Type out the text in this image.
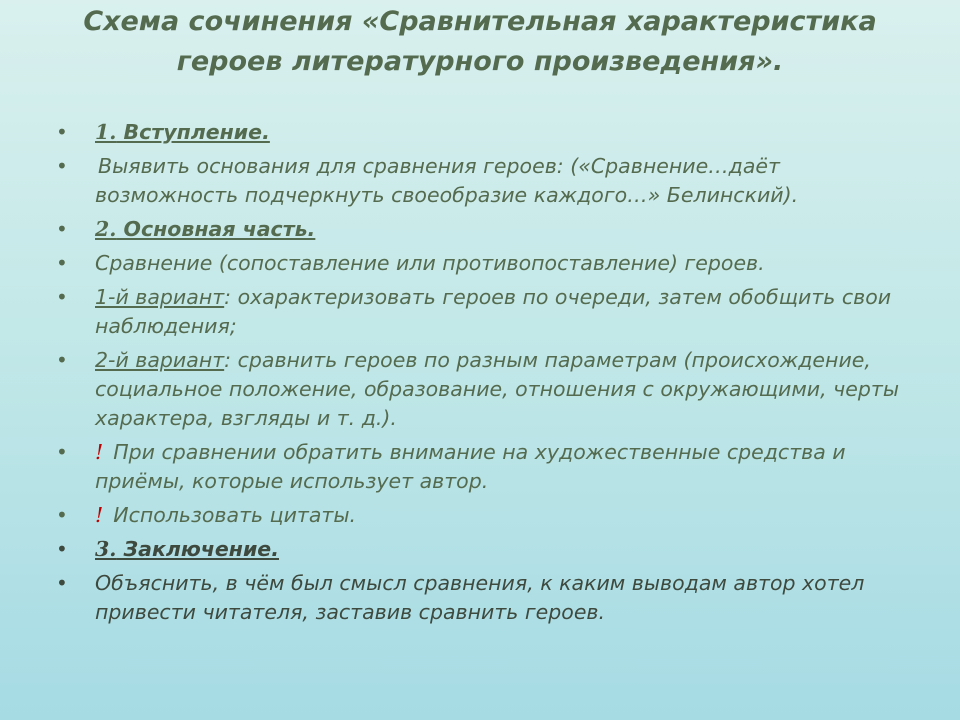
Схема сочинения «Сравнительная характеристика героев литературного произведения».
• 1. Вступление.
• Выявить основания для сравнения героев: («Сравнение…даёт возможность подчеркнуть своеобразие каждого…» Белинский).
• 2. Основная часть.
• Сравнение (сопоставление или противопоставление) героев.
• 1-й вариант: охарактеризовать героев по очереди, затем обобщить свои наблюдения;
• 2-й вариант: сравнить героев по разным параметрам (происхождение, социальное положение, образование, отношения с окружающими, черты характера, взгляды и т. д.).
• ! При сравнении обратить внимание на художественные средства и приёмы, которые использует автор.
• ! Использовать цитаты.
• 3. Заключение.
• Объяснить, в чём был смысл сравнения, к каким выводам автор хотел привести читателя, заставив сравнить героев.
